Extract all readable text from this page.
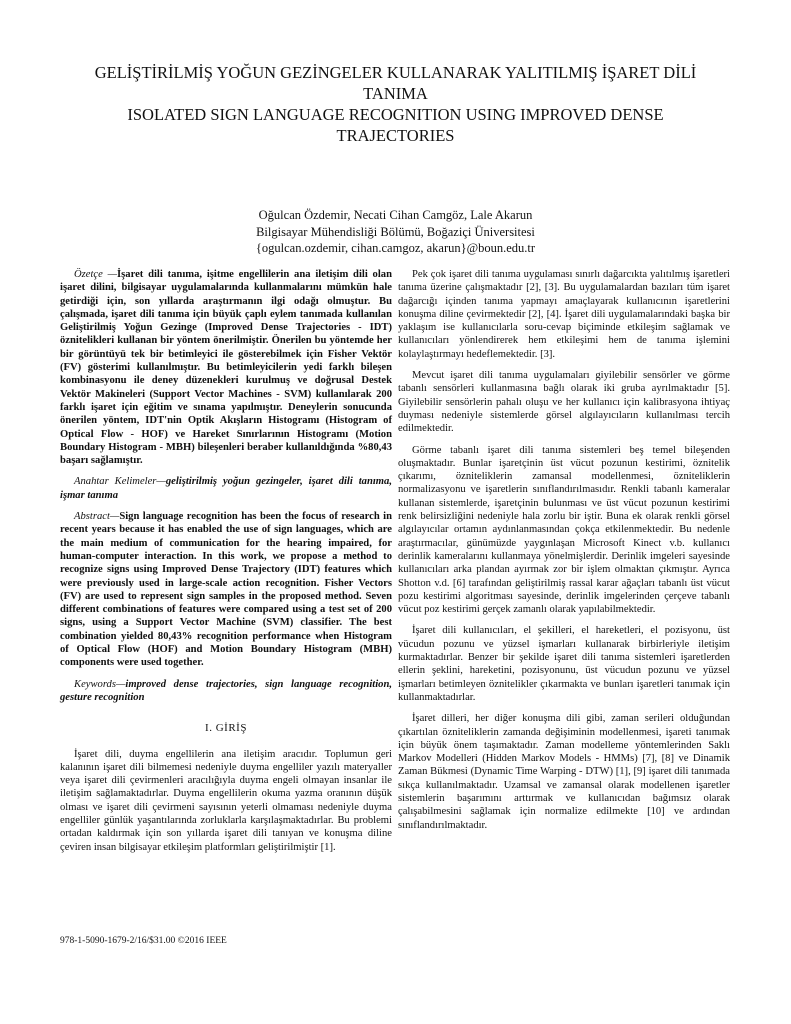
GELİŞTİRİLMİŞ YOĞUN GEZİNGELER KULLANARAK YALITILMIŞ İŞARET DİLİ
TANIMA
ISOLATED SIGN LANGUAGE RECOGNITION USING IMPROVED DENSE
TRAJECTORIES
Oğulcan Özdemir, Necati Cihan Camgöz, Lale Akarun
Bilgisayar Mühendisliği Bölümü, Boğaziçi Üniversitesi
{ogulcan.ozdemir, cihan.camgoz, akarun}@boun.edu.tr

Özetçe —İşaret dili tanıma, işitme engellilerin ana iletişim dili olan işaret dilini, bilgisayar uygulamalarında kullanmalarını mümkün hale getirdiği için, son yıllarda araştırmanın ilgi odağı olmuştur. Bu çalışmada, işaret dili tanıma için büyük çaplı eylem tanımada kullanılan Geliştirilmiş Yoğun Gezinge (Improved Dense Trajectories - IDT) öznitelikleri kullanan bir yöntem önerilmiştir. Önerilen bu yöntemde her bir görüntüyü tek bir betimleyici ile gösterebilmek için Fisher Vektör (FV) gösterimi kullanılmıştır. Bu betimleyicilerin yedi farklı bileşen kombinasyonu ile deney düzenekleri kurulmuş ve doğrusal Destek Vektör Makineleri (Support Vector Machines - SVM) kullanılarak 200 farklı işaret için eğitim ve sınama yapılmıştır. Deneylerin sonucunda önerilen yöntem, IDT'nin Optik Akışların Histogramı (Histogram of Optical Flow - HOF) ve Hareket Sınırlarının Histogramı (Motion Boundary Histogram - MBH) bileşenleri beraber kullanıldığında %80,43 başarı sağlamıştır.

Anahtar Kelimeler—geliştirilmiş yoğun gezingeler, işaret dili tanıma, işmar tanıma

Abstract—Sign language recognition has been the focus of research in recent years because it has enabled the use of sign languages, which are the main medium of communication for the hearing impaired, for human-computer interaction. In this work, we propose a method to recognize signs using Improved Dense Trajectory (IDT) features which were previously used in large-scale action recognition. Fisher Vectors (FV) are used to represent sign samples in the proposed method. Seven different combinations of features were compared using a test set of 200 signs, using a Support Vector Machine (SVM) classifier. The best combination yielded 80,43% recognition performance when Histogram of Optical Flow (HOF) and Motion Boundary Histogram (MBH) components were used together.

Keywords—improved dense trajectories, sign language recognition, gesture recognition

I. GİRİŞ

İşaret dili, duyma engellilerin ana iletişim aracıdır. Toplumun geri kalanının işaret dili bilmemesi nedeniyle duyma engelliler yazılı materyaller veya işaret dili çevirmenleri aracılığıyla duyma engeli olmayan insanlar ile iletişim sağlamaktadırlar. Duyma engellilerin okuma yazma oranının düşük olması ve işaret dili çevirmeni sayısının yeterli olmaması nedeniyle duyma engelliler günlük yaşantılarında zorluklarla karşılaşmaktadırlar. Bu problemi ortadan kaldırmak için son yıllarda işaret dili tanıyan ve konuşma diline çeviren insan bilgisayar etkileşim platformları geliştirilmiştir [1].

Pek çok işaret dili tanıma uygulaması sınırlı dağarcıkta yalıtılmış işaretleri tanıma üzerine çalışmaktadır [2], [3]. Bu uygulamalardan bazıları tüm işaret dağarcığı içinden tanıma yapmayı amaçlayarak kullanıcının işaretlerini konuşma diline çevirmektedir [2], [4]. İşaret dili uygulamalarındaki başka bir yaklaşım ise kullanıcılarla soru-cevap biçiminde etkileşim sağlamak ve kullanıcıları yönlendirerek hem etkileşimi hem de tanıma işlemini kolaylaştırmayı hedeflemektedir. [3].

Mevcut işaret dili tanıma uygulamaları giyilebilir sensörler ve görme tabanlı sensörleri kullanmasına bağlı olarak iki gruba ayrılmaktadır [5]. Giyilebilir sensörlerin pahalı oluşu ve her kullanıcı için kalibrasyona ihtiyaç duyması nedeniyle sistemlerde görsel algılayıcıların kullanılması tercih edilmektedir.

Görme tabanlı işaret dili tanıma sistemleri beş temel bileşenden oluşmaktadır. Bunlar işaretçinin üst vücut pozunun kestirimi, öznitelik çıkarımı, özniteliklerin zamansal modellenmesi, özniteliklerin normalizasyonu ve işaretlerin sınıflandırılmasıdır. Renkli tabanlı kameralar kullanan sistemlerde, işaretçinin bulunması ve üst vücut pozunun kestirimi renk belirsizliğini nedeniyle hala zorlu bir iştir. Buna ek olarak renkli görsel algılayıcılar ortamın aydınlanmasından çokça etkilenmektedir. Bu nedenle araştırmacılar, günümüzde yaygınlaşan Microsoft Kinect v.b. kullanıcı derinlik kameralarını kullanmaya yönelmişlerdir. Derinlik imgeleri sayesinde kullanıcıları arka plandan ayırmak zor bir işlem olmaktan çıkmıştır. Ayrıca Shotton v.d. [6] tarafından geliştirilmiş rassal karar ağaçları tabanlı üst vücut pozu kestirimi algoritması sayesinde, derinlik imgelerinden çerçeve tabanlı vücut poz kestirimi gerçek zamanlı olarak yapılabilmektedir.

İşaret dili kullanıcıları, el şekilleri, el hareketleri, el pozisyonu, üst vücudun pozunu ve yüzsel işmarları kullanarak birbirleriyle iletişim kurmaktadırlar. Benzer bir şekilde işaret dili tanıma sistemleri işaretlerden ellerin şeklini, hareketini, pozisyonunu, üst vücudun pozunu ve yüzsel işmarları betimleyen öznitelikler çıkarmakta ve bunları işaretleri tanımak için kullanmaktadırlar.

İşaret dilleri, her diğer konuşma dili gibi, zaman serileri olduğundan çıkartılan özniteliklerin zamanda değişiminin modellenmesi, işareti tanımak için büyük önem taşımaktadır. Zaman modelleme yöntemlerinden Saklı Markov Modelleri (Hidden Markov Models - HMMs) [7], [8] ve Dinamik Zaman Bükmesi (Dynamic Time Warping - DTW) [1], [9] işaret dili tanımada sıkça kullanılmaktadır. Uzamsal ve zamansal olarak modellenen işaretler sistemlerin başarımını arttırmak ve kullanıcıdan bağımsız olarak çalışabilmesini sağlamak için normalize edilmekte [10] ve ardından sınıflandırılmaktadır.

978-1-5090-1679-2/16/$31.00 ©2016 IEEE
